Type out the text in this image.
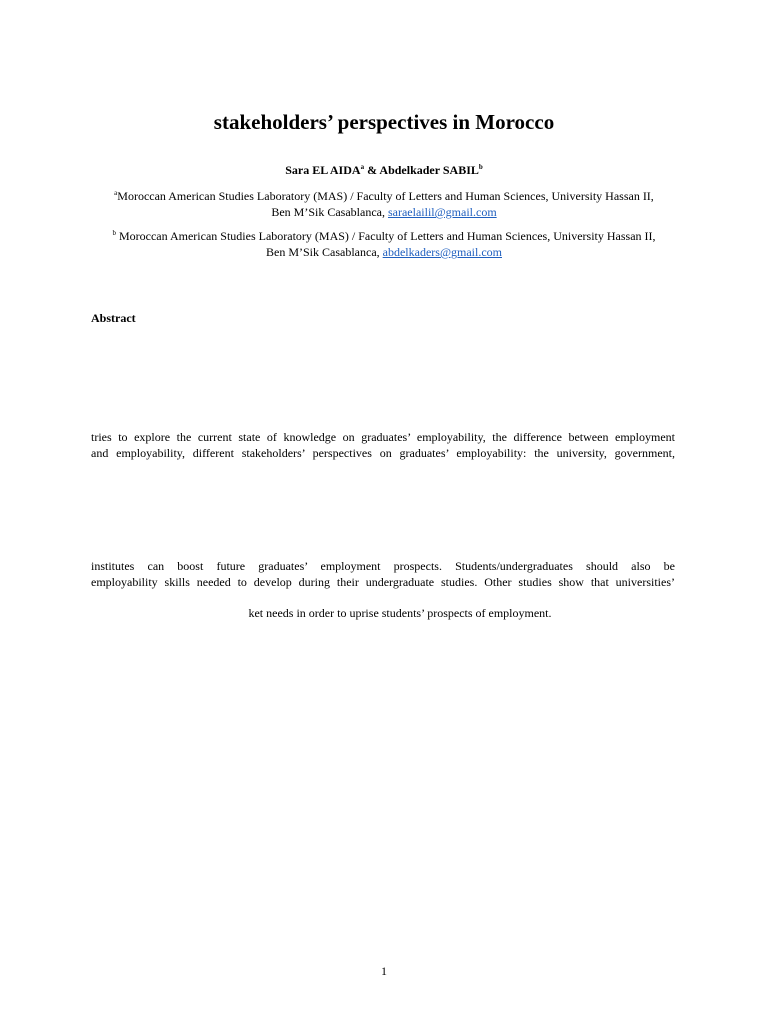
stakeholders’ perspectives in Morocco

Sara EL AIDA$^a$ & Abdelkader SABIL$^b$

$^a$Moroccan American Studies Laboratory (MAS) / Faculty of Letters and Human Sciences, University Hassan II,
Ben M’Sik Casablanca, saraelailil@gmail.com

$^b$ Moroccan American Studies Laboratory (MAS) / Faculty of Letters and Human Sciences, University Hassan II,
Ben M’Sik Casablanca, abdelkaders@gmail.com

Abstract

tries to explore the current state of knowledge on graduates’ employability, the difference between employment
and employability, different stakeholders’ perspectives on graduates’ employability: the university, government,
institutes can boost future graduates’ employment prospects. Students/undergraduates should also be
employability skills needed to develop during their undergraduate studies. Other studies show that universities’

ket needs in order to uprise students’ prospects of employment.

1
